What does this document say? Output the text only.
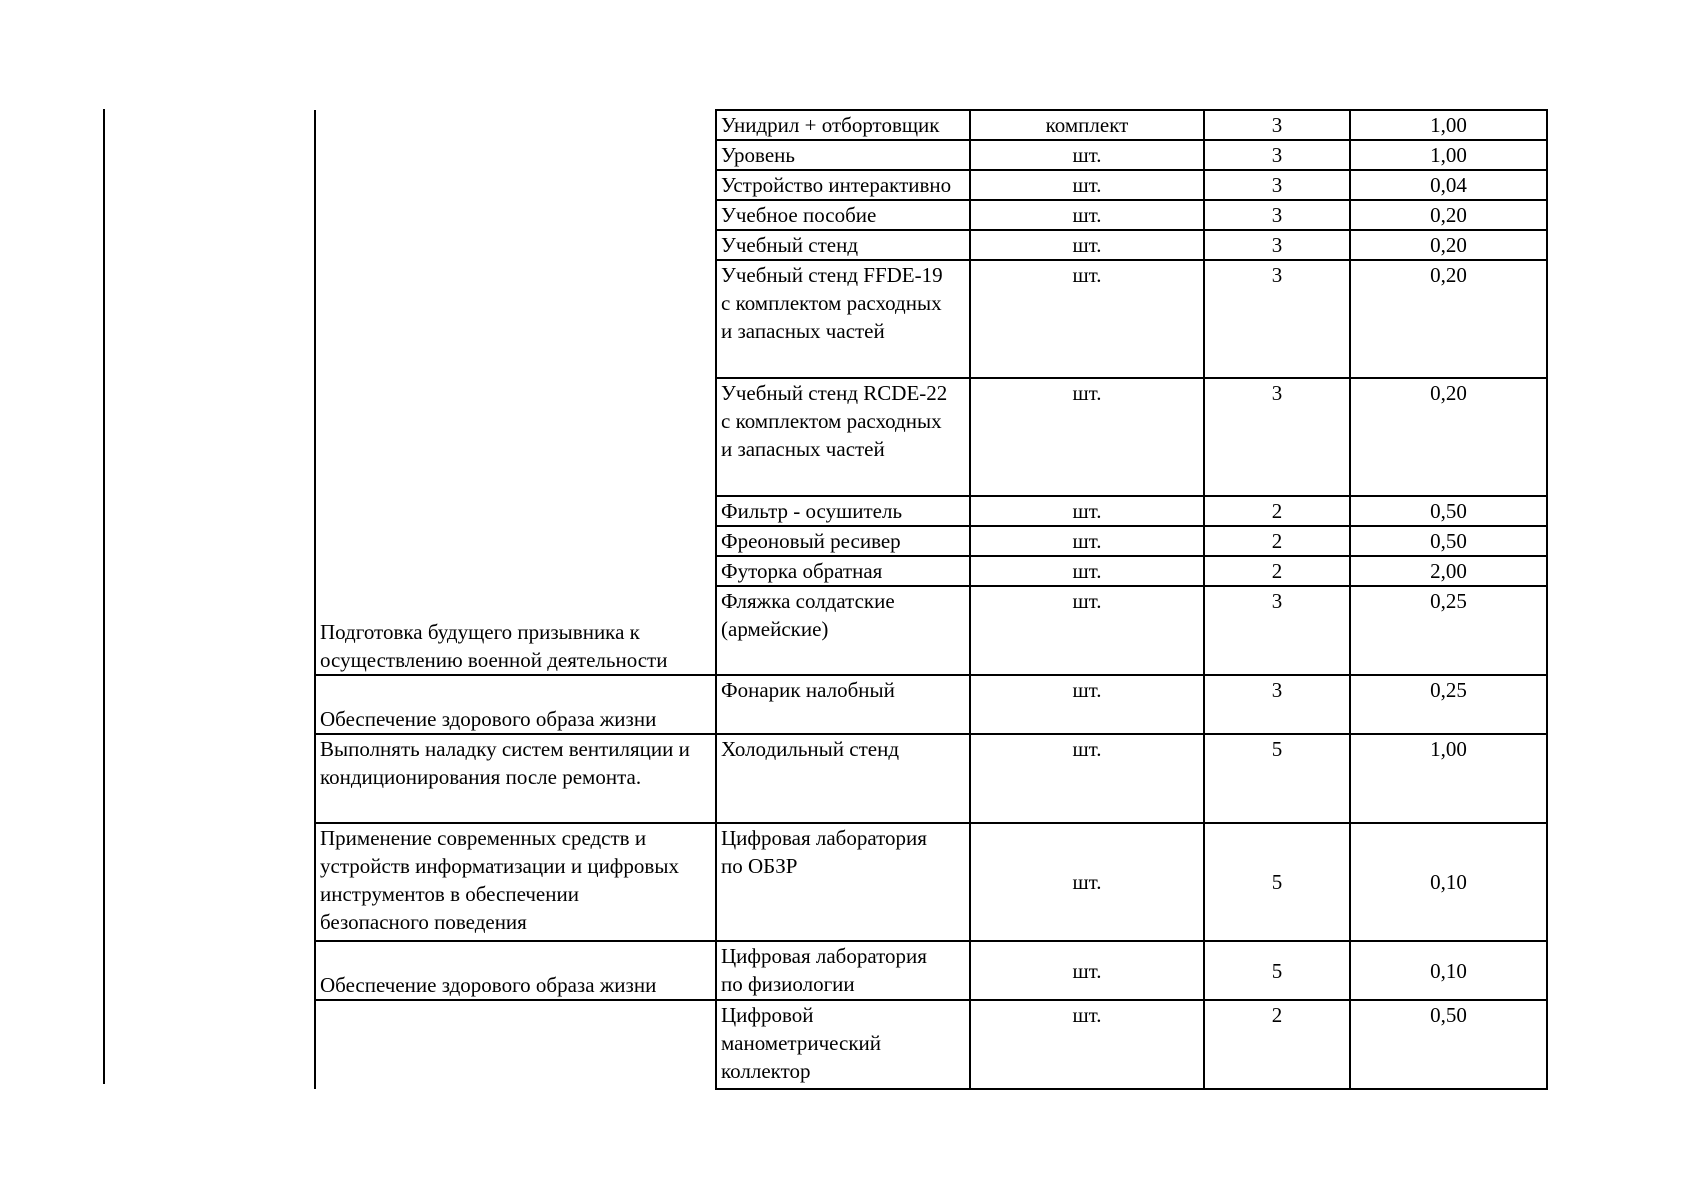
Подготовка будущего призывника к
осуществлению военной деятельности	Унидрил + отбортовщик	комплект	3	1,00

	Уровень	шт.	3	1,00

	Устройство интерактивно	шт.	3	0,04

	Учебное пособие	шт.	3	0,20

	Учебный стенд	шт.	3	0,20

	Учебный стенд FFDE-19
с комплектом расходных
и запасных частей	шт.	3	0,20

	Учебный стенд RCDE-22
с комплектом расходных
и запасных частей	шт.	3	0,20

	Фильтр - осушитель	шт.	2	0,50

	Фреоновый ресивер	шт.	2	0,50

	Футорка обратная	шт.	2	2,00

	Фляжка солдатские
(армейские)	шт.	3	0,25

Обеспечение здорового образа жизни	Фонарик налобный	шт.	3	0,25

Выполнять наладку систем вентиляции и
кондиционирования после ремонта.	Холодильный стенд	шт.	5	1,00

Применение современных средств и
устройств информатизации и цифровых
инструментов в обеспечении
безопасного поведения	Цифровая лаборатория
по ОБЗР	шт.	5	0,10

Обеспечение здорового образа жизни	Цифровая лаборатория
по физиологии	шт.	5	0,10

	Цифровой
манометрический
коллектор	шт.	2	0,50
